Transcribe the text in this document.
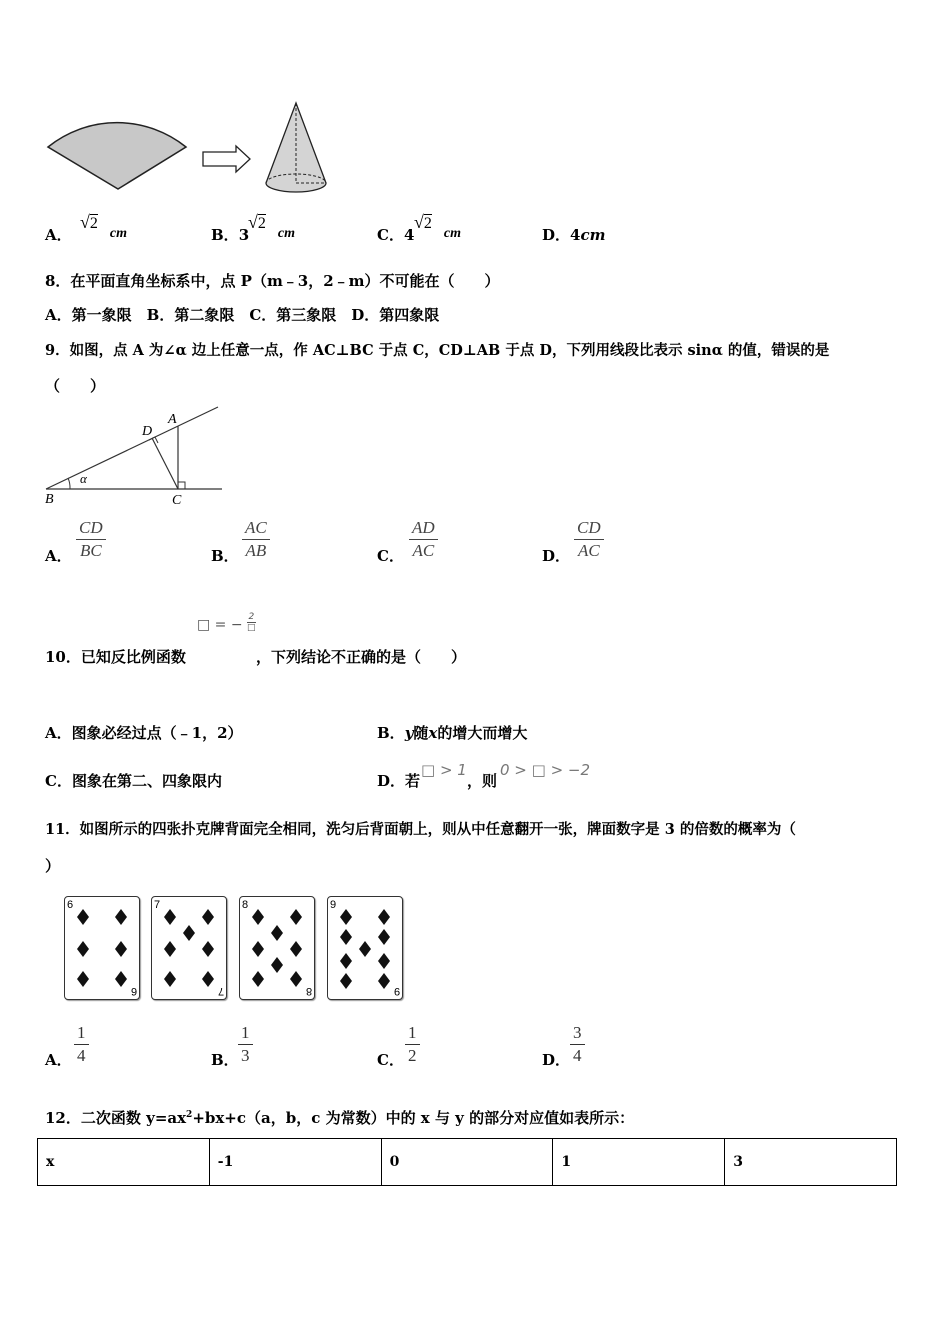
A．
√2 cm	B．3
√2 cm	C．4
√2 cm	D．4cm
8．在平面直角坐标系中，点 P（m﹣3，2﹣m）不可能在（　　）
A．第一象限　B．第二象限　C．第三象限　D．第四象限
9．如图，点 A 为∠α 边上任意一点，作 AC⊥BC 于点 C，CD⊥AB 于点 D，下列用线段比表示 sinα 的值，错误的是
（　　）
A
D
B	C
α
A． $\frac{CD}{BC}$	B． $\frac{AC}{AB}$	C． $\frac{AD}{AC}$	D． $\frac{CD}{AC}$
□ = − 2
□
10．已知反比例函数	，下列结论不正确的是（　　）
A．图象必经过点（﹣1，2）	B．y随x的增大而增大
C．图象在第二、四象限内	D．若
□ > 1
，则
0 > □ > −2
11．如图所示的四张扑克牌背面完全相同，洗匀后背面朝上，则从中任意翻开一张，牌面数字是 3 的倍数的概率为（
）
6
6
7
7
8
8
9
9
A． $\frac{1}{4}$	B． $\frac{1}{3}$	C． $\frac{1}{2}$	D． $\frac{3}{4}$
12．二次函数 $y=ax^2+bx+c(a$，b，c 为常数）中的 x 与 y 的部分对应值如表所示：
x	-1	0	1	3
